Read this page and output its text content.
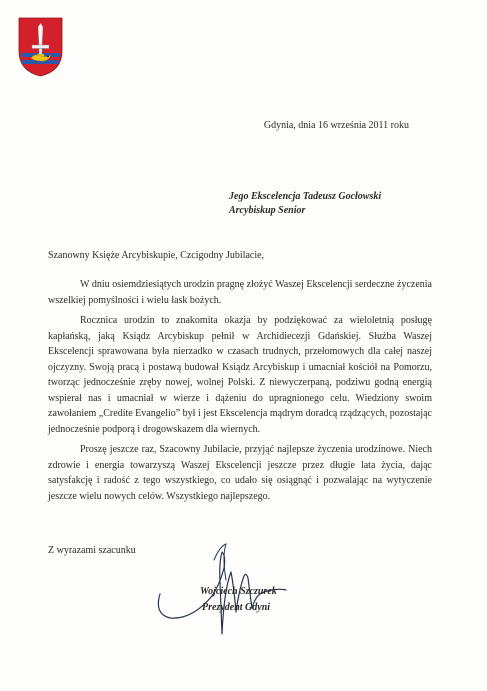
Gdynia, dnia 16 września 2011 roku
Jego Ekscelencja Tadeusz Gocłowski
Arcybiskup Senior
Szanowny Księże Arcybiskupie, Czcigodny Jubilacie,

W dniu osiemdziesiątych urodzin pragnę złożyć Waszej Ekscelencji serdeczne życzenia wszelkiej pomyślności i wielu łask bożych.

Rocznica urodzin to znakomita okazja by podziękować za wieloletnią posługę kapłańską, jaką Ksiądz Arcybiskup pełnił w Archidiecezji Gdańskiej. Służba Waszej Ekscelencji sprawowana była nierzadko w czasach trudnych, przełomowych dla całej naszej ojczyzny. Swoją pracą i postawą budował Ksiądz Arcybiskup i umacniał kościół na Pomorzu, tworząc jednocześnie zręby nowej, wolnej Polski. Z niewyczerpaną, podziwu godną energią wspierał nas i umacniał w wierze i dążeniu do upragnionego celu. Wiedziony swoim zawołaniem „Credite Evangelio” był i jest Ekscelencja mądrym doradcą rządzących, pozostając jednocześnie podporą i drogowskazem dla wiernych.

Proszę jeszcze raz, Szacowny Jubilacie, przyjąć najlepsze życzenia urodzinowe. Niech zdrowie i energia towarzyszą Waszej Ekscelencji jeszcze przez długie lata życia, dając satysfakcję i radość z tego wszystkiego, co udało się osiągnąć i pozwalając na wytyczenie jeszcze wielu nowych celów. Wszystkiego najlepszego.

Z wyrazami szacunku
Wojciech Szczurek
Prezydent Gdyni
